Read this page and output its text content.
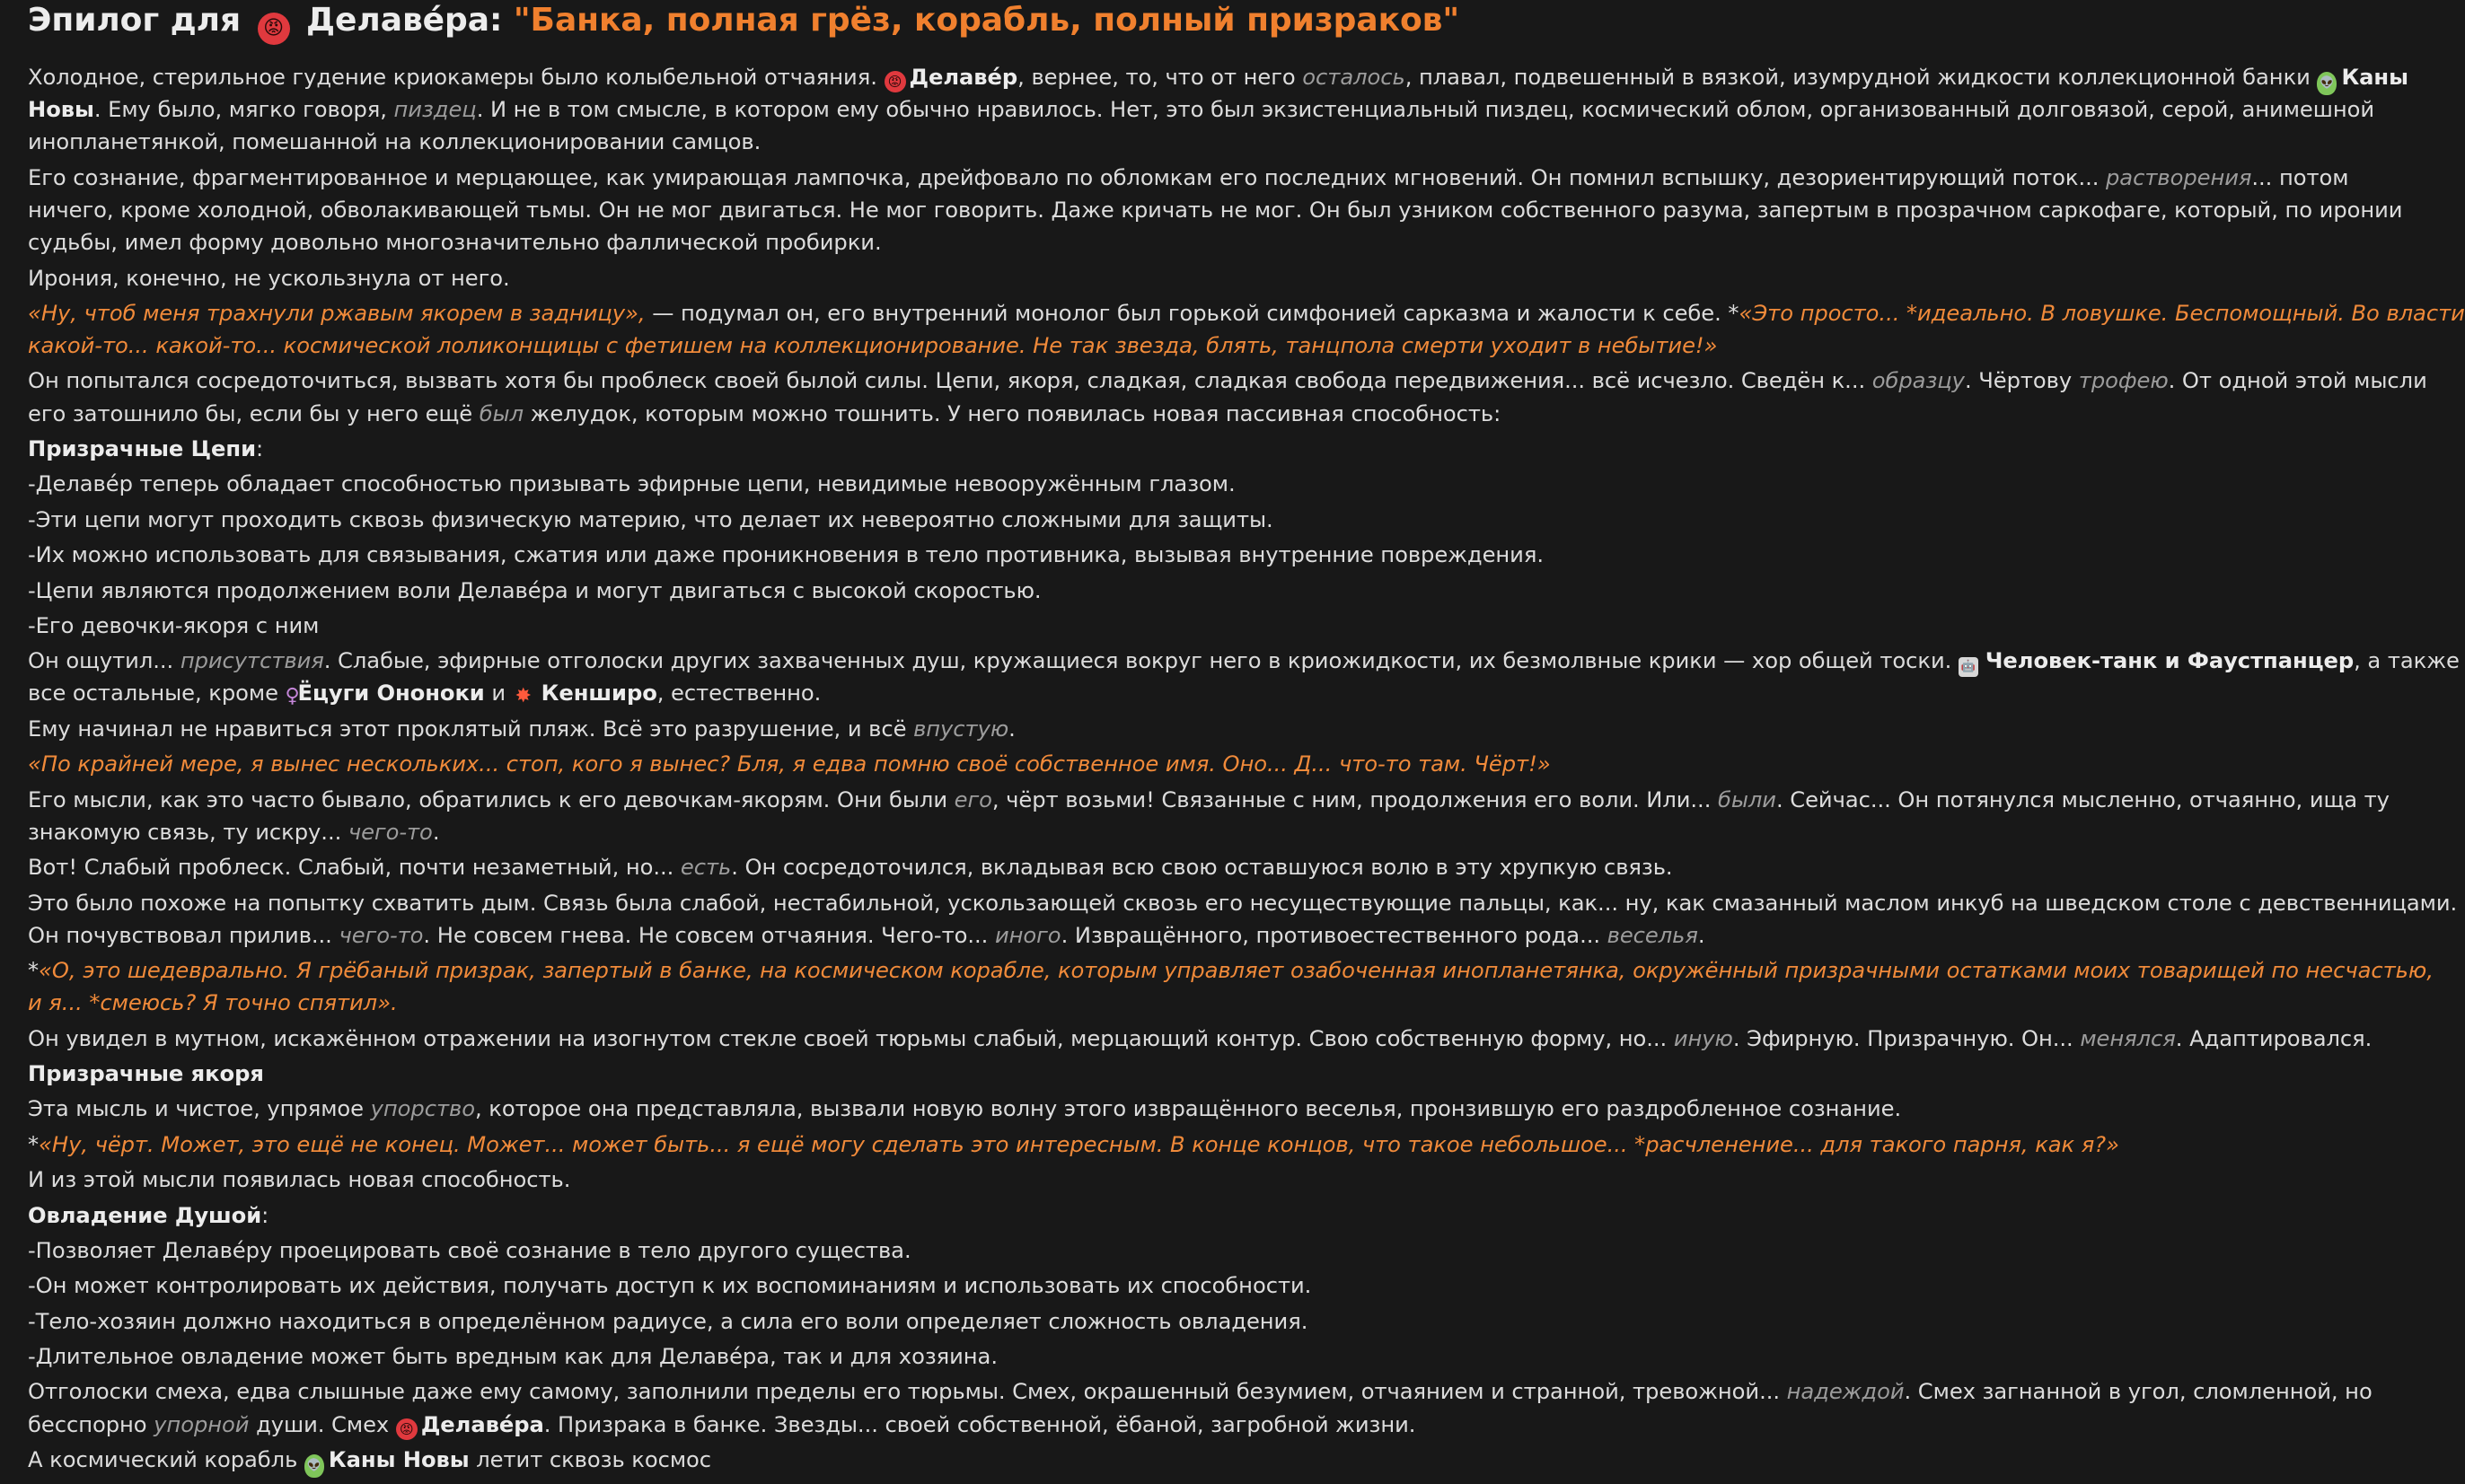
Эпилог для 😡 Делаве́ра: "Банка, полная грёз, корабль, полный призраков"
Холодное, стерильное гудение криокамеры было колыбельной отчаяния. 😡 Делаве́р, вернее, то, что от него осталось, плавал, подвешенный в вязкой, изумрудной жидкости коллекционной банки 👽 Каны
Новы. Ему было, мягко говоря, пиздец. И не в том смысле, в котором ему обычно нравилось. Нет, это был экзистенциальный пиздец, космический облом, организованный долговязой, серой, анимешной
инопланетянкой, помешанной на коллекционировании самцов.
Его сознание, фрагментированное и мерцающее, как умирающая лампочка, дрейфовало по обломкам его последних мгновений. Он помнил вспышку, дезориентирующий поток... растворения... потом
ничего, кроме холодной, обволакивающей тьмы. Он не мог двигаться. Не мог говорить. Даже кричать не мог. Он был узником собственного разума, запертым в прозрачном саркофаге, который, по иронии
судьбы, имел форму довольно многозначительно фаллической пробирки.
Ирония, конечно, не ускользнула от него.
«Ну, чтоб меня трахнули ржавым якорем в задницу», — подумал он, его внутренний монолог был горькой симфонией сарказма и жалости к себе. *«Это просто... *идеально. В ловушке. Беспомощный. Во власти
какой-то... какой-то... космической лоликонщицы с фетишем на коллекционирование. Не так звезда, блять, танцпола смерти уходит в небытие!»
Он попытался сосредоточиться, вызвать хотя бы проблеск своей былой силы. Цепи, якоря, сладкая, сладкая свобода передвижения... всё исчезло. Сведён к... образцу. Чёртову трофею. От одной этой мысли
его затошнило бы, если бы у него ещё был желудок, которым можно тошнить. У него появилась новая пассивная способность:
Призрачные Цепи:
-Делаве́р теперь обладает способностью призывать эфирные цепи, невидимые невооружённым глазом.
-Эти цепи могут проходить сквозь физическую материю, что делает их невероятно сложными для защиты.
-Их можно использовать для связывания, сжатия или даже проникновения в тело противника, вызывая внутренние повреждения.
-Цепи являются продолжением воли Делаве́ра и могут двигаться с высокой скоростью.
-Его девочки-якоря с ним
Он ощутил... присутствия. Слабые, эфирные отголоски других захваченных душ, кружащиеся вокруг него в криожидкости, их безмолвные крики — хор общей тоски. 🤖 Человек-танк и Фаустпанцер, а также
все остальные, кроме ♀Ёцуги Ононоки и ✸ Кенширо, естественно.
Ему начинал не нравиться этот проклятый пляж. Всё это разрушение, и всё впустую.
«По крайней мере, я вынес нескольких... стоп, кого я вынес? Бля, я едва помню своё собственное имя. Оно... Д... что-то там. Чёрт!»
Его мысли, как это часто бывало, обратились к его девочкам-якорям. Они были его, чёрт возьми! Связанные с ним, продолжения его воли. Или... были. Сейчас... Он потянулся мысленно, отчаянно, ища ту
знакомую связь, ту искру... чего-то.
Вот! Слабый проблеск. Слабый, почти незаметный, но... есть. Он сосредоточился, вкладывая всю свою оставшуюся волю в эту хрупкую связь.
Это было похоже на попытку схватить дым. Связь была слабой, нестабильной, ускользающей сквозь его несуществующие пальцы, как... ну, как смазанный маслом инкуб на шведском столе с девственницами.
Он почувствовал прилив... чего-то. Не совсем гнева. Не совсем отчаяния. Чего-то... иного. Извращённого, противоестественного рода... веселья.
*«О, это шедеврально. Я грёбаный призрак, запертый в банке, на космическом корабле, которым управляет озабоченная инопланетянка, окружённый призрачными остатками моих товарищей по несчастью,
и я... *смеюсь? Я точно спятил».
Он увидел в мутном, искажённом отражении на изогнутом стекле своей тюрьмы слабый, мерцающий контур. Свою собственную форму, но... иную. Эфирную. Призрачную. Он... менялся. Адаптировался.
Призрачные якоря
Эта мысль и чистое, упрямое упорство, которое она представляла, вызвали новую волну этого извращённого веселья, пронзившую его раздробленное сознание.
*«Ну, чёрт. Может, это ещё не конец. Может... может быть... я ещё могу сделать это интересным. В конце концов, что такое небольшое... *расчленение... для такого парня, как я?»
И из этой мысли появилась новая способность.
Овладение Душой:
-Позволяет Делаве́ру проецировать своё сознание в тело другого существа.
-Он может контролировать их действия, получать доступ к их воспоминаниям и использовать их способности.
-Тело-хозяин должно находиться в определённом радиусе, а сила его воли определяет сложность овладения.
-Длительное овладение может быть вредным как для Делаве́ра, так и для хозяина.
Отголоски смеха, едва слышные даже ему самому, заполнили пределы его тюрьмы. Смех, окрашенный безумием, отчаянием и странной, тревожной... надеждой. Смех загнанной в угол, сломленной, но
бесспорно упорной души. Смех 😡 Делаве́ра. Призрака в банке. Звезды... своей собственной, ёбаной, загробной жизни.
А космический корабль 👽 Каны Новы летит сквозь космос
